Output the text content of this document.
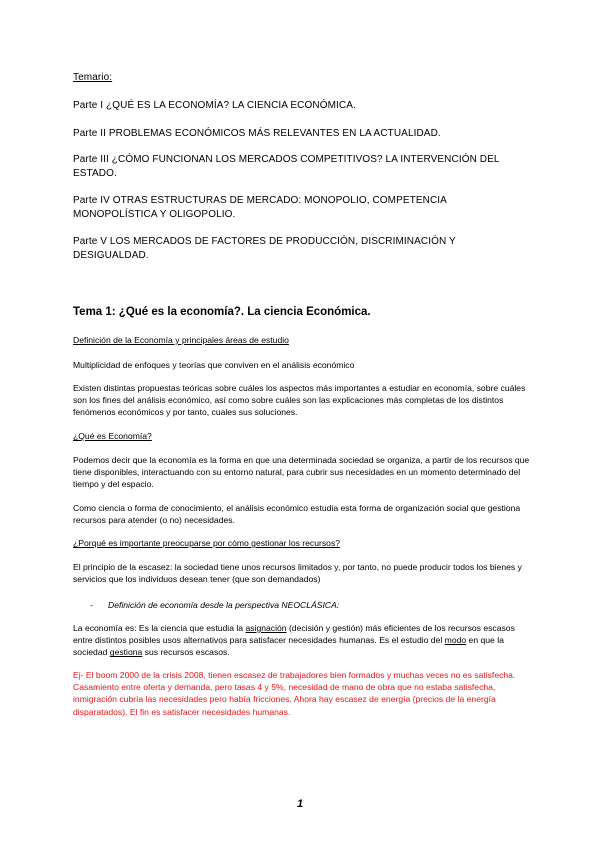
Temario:

Parte I ¿QUÉ ES LA ECONOMÍA? LA CIENCIA ECONÓMICA.

Parte II PROBLEMAS ECONÓMICOS MÁS RELEVANTES EN LA ACTUALIDAD.

Parte III ¿CÓMO FUNCIONAN LOS MERCADOS COMPETITIVOS? LA INTERVENCIÓN DEL ESTADO.

Parte IV OTRAS ESTRUCTURAS DE MERCADO: MONOPOLIO, COMPETENCIA MONOPOLÍSTICA Y OLIGOPOLIO.

Parte V LOS MERCADOS DE FACTORES DE PRODUCCIÓN, DISCRIMINACIÓN Y DESIGUALDAD.

Tema 1: ¿Qué es la economía?. La ciencia Económica.

Definición de la Economía y principales áreas de estudio

Multiplicidad de enfoques y teorías que conviven en el análisis económico

Existen distintas propuestas teóricas sobre cuáles los aspectos más importantes a estudiar en economía, sobre cuáles son los fines del análisis económico, así como sobre cuáles son las explicaciones más completas de los distintos fenómenos económicos y por tanto, cuales sus soluciones.

¿Qué es Economía?

Podemos decir que la economía es la forma en que una determinada sociedad se organiza, a partir de los recursos que tiene disponibles, interactuando con su entorno natural, para cubrir sus necesidades en un momento determinado del tiempo y del espacio.

Como ciencia o forma de conocimiento, el análisis económico estudia esta forma de organización social que gestiona recursos para atender (o no) necesidades.

¿Porqué es importante preocuparse por cómo gestionar los recursos?

El principio de la escasez: la sociedad tiene unos recursos limitados y, por tanto, no puede producir todos los bienes y servicios que los individuos desean tener (que son demandados)

- Definición de economía desde la perspectiva NEOCLÁSICA:

La economía es: Es la ciencia que estudia la asignación (decisión y gestión) más eficientes de los recursos escasos entre distintos posibles usos alternativos para satisfacer necesidades humanas. Es el estudio del modo en que la sociedad gestiona sus recursos escasos.

Ej- El boom 2000 de la crisis 2008, tienen escasez de trabajadores bien formados y muchas veces no es satisfecha. Casamiento entre oferta y demanda, pero tasas 4 y 5%, necesidad de mano de obra que no estaba satisfecha, inmigración cubría las necesidades pero había fricciones. Ahora hay escasez de energía (precios de la energía disparatados). El fin es satisfacer necesidades humanas.

1
